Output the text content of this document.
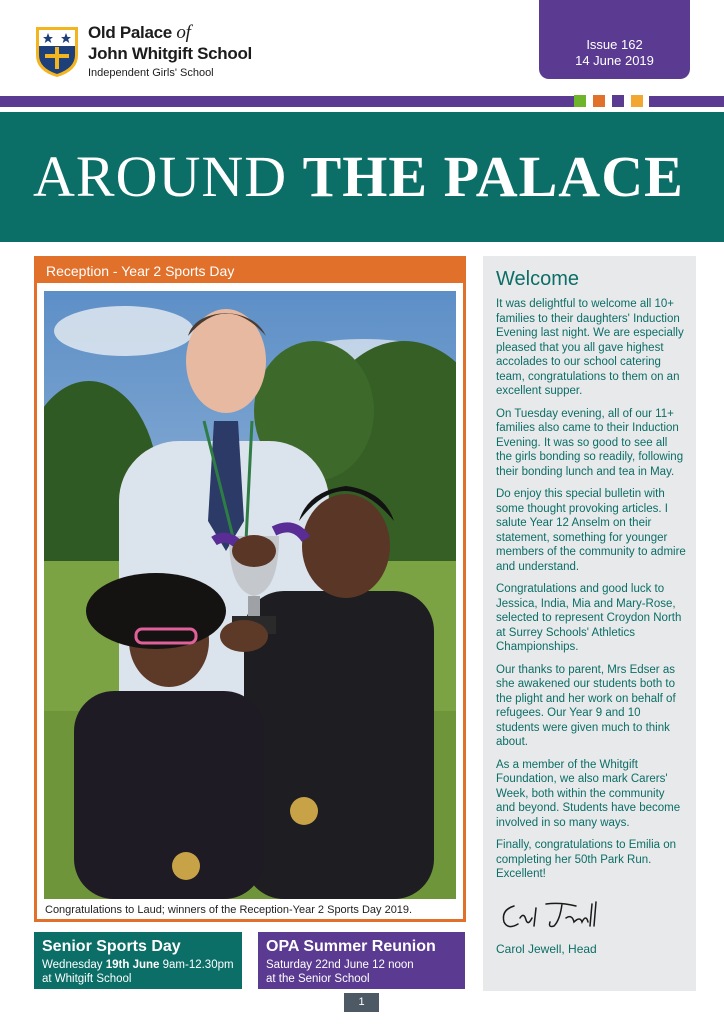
Old Palace of
John Whitgift School
Independent Girls' School
Issue 162
14 June 2019
AROUND THE PALACE
Reception - Year 2 Sports Day
Congratulations to Laud; winners of the Reception-Year 2 Sports Day 2019.
Welcome

It was delightful to welcome all 10+ families to their daughters' Induction Evening last night. We are especially pleased that you all gave highest accolades to our school catering team, congratulations to them on an excellent supper.

On Tuesday evening, all of our 11+ families also came to their Induction Evening. It was so good to see all the girls bonding so readily, following their bonding lunch and tea in May.

Do enjoy this special bulletin with some thought provoking articles. I salute Year 12 Anselm on their statement, something for younger members of the community to admire and understand.

Congratulations and good luck to Jessica, India, Mia and Mary-Rose, selected to represent Croydon North at Surrey Schools' Athletics Championships.

Our thanks to parent, Mrs Edser as she awakened our students both to the plight and her work on behalf of refugees. Our Year 9 and 10 students were given much to think about.

As a member of the Whitgift Foundation, we also mark Carers' Week, both within the community and beyond. Students have become involved in so many ways.

Finally, congratulations to Emilia on completing her 50th Park Run. Excellent!

Carol Jewell, Head
Senior Sports Day
Wednesday 19th June 9am-12.30pm
at Whitgift School
OPA Summer Reunion
Saturday 22nd June 12 noon
at the Senior School
1
